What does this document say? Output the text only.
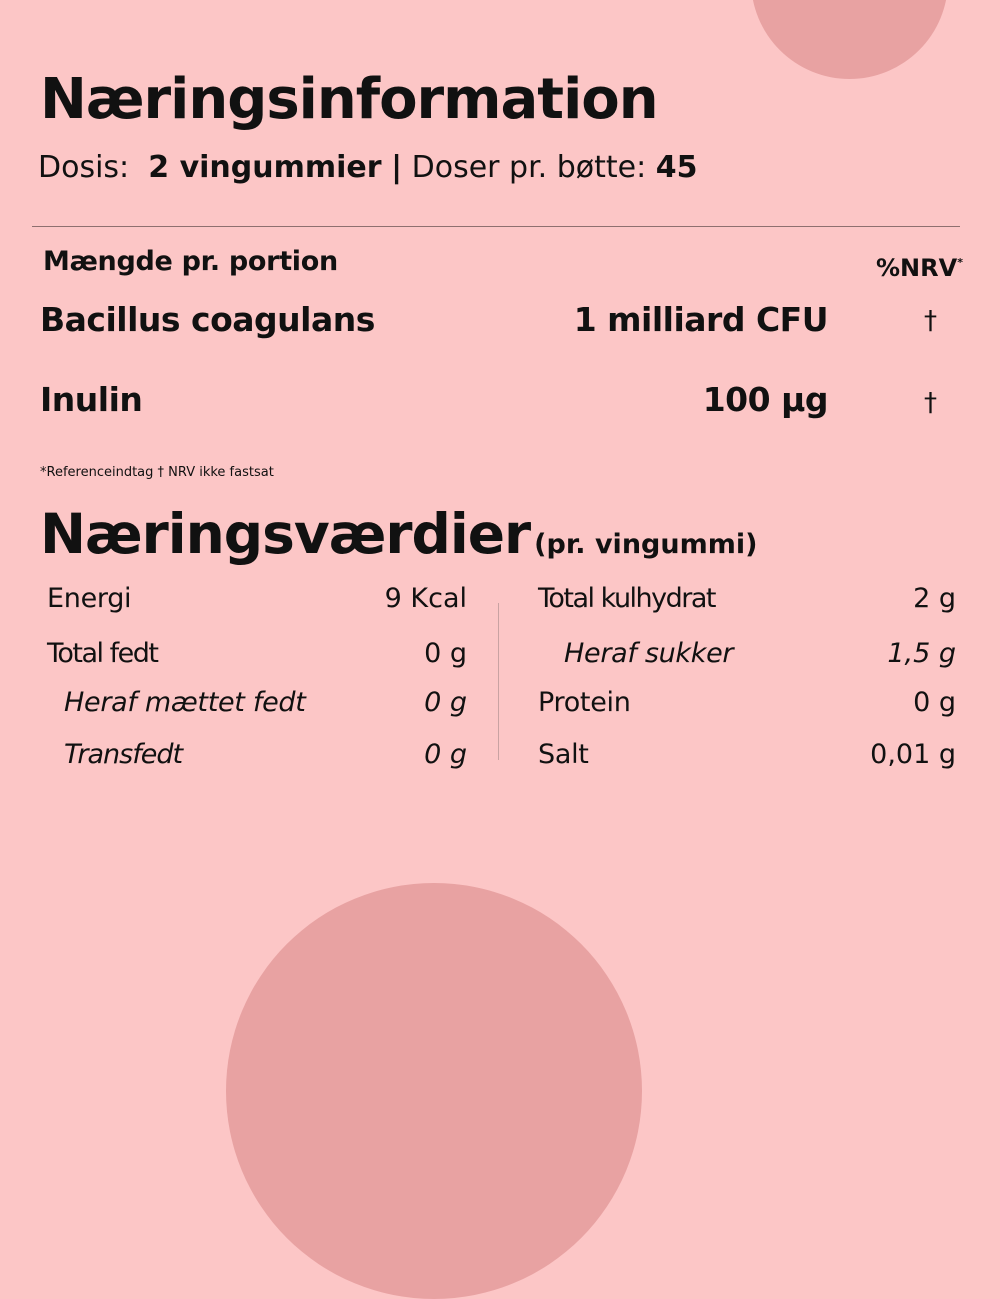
Næringsinformation
Dosis: 2 vingummier | Doser pr. bøtte: 45
Mængde pr. portion	%NRV*
Bacillus coagulans	1 milliard CFU	†
Inulin	100 µg	†
*Referenceindtag † NRV ikke fastsat
Næringsværdier (pr. vingummi)
Energi	9 Kcal
Total fedt	0 g
Heraf mættet fedt	0 g
Transfedt	0 g
Total kulhydrat	2 g
Heraf sukker	1,5 g
Protein	0 g
Salt	0,01 g
